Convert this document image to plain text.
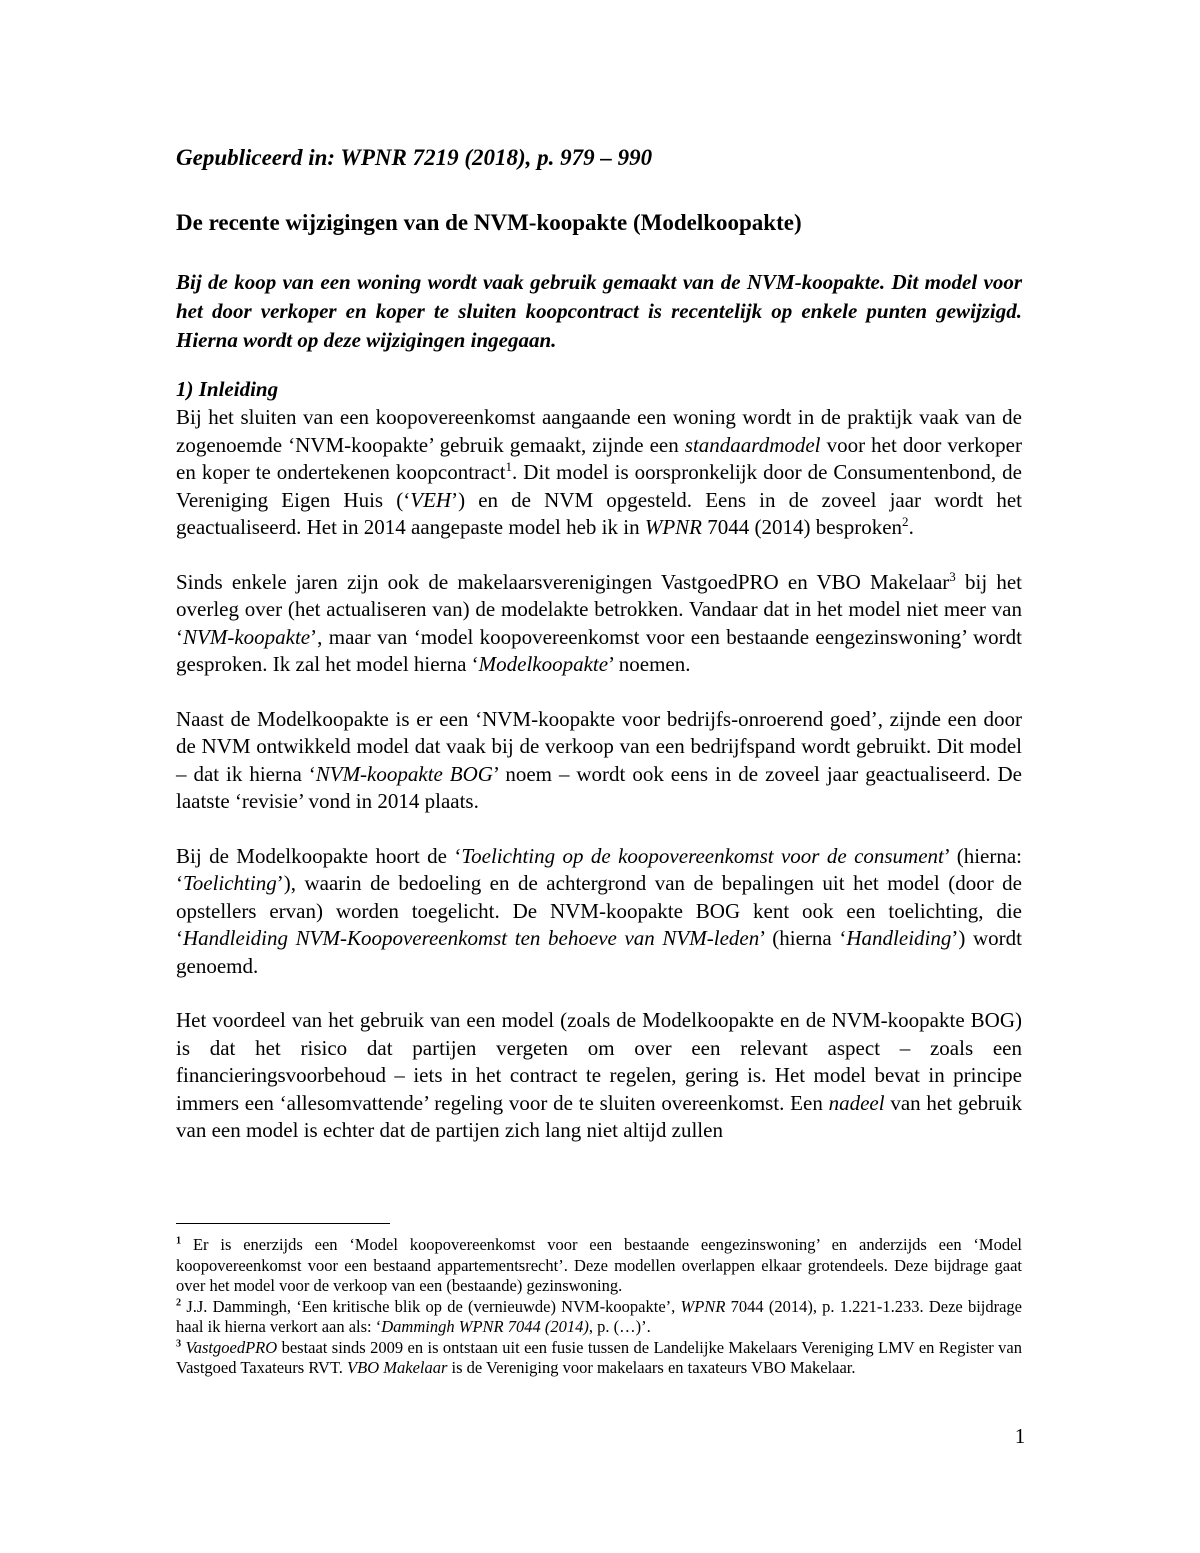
Gepubliceerd in: WPNR 7219 (2018), p. 979 – 990
De recente wijzigingen van de NVM-koopakte (Modelkoopakte)
Bij de koop van een woning wordt vaak gebruik gemaakt van de NVM-koopakte. Dit model voor het door verkoper en koper te sluiten koopcontract is recentelijk op enkele punten gewijzigd. Hierna wordt op deze wijzigingen ingegaan.
1) Inleiding

Bij het sluiten van een koopovereenkomst aangaande een woning wordt in de praktijk vaak van de zogenoemde ‘NVM-koopakte’ gebruik gemaakt, zijnde een standaardmodel voor het door verkoper en koper te ondertekenen koopcontract$^1$. Dit model is oorspronkelijk door de Consumentenbond, de Vereniging Eigen Huis (‘VEH’) en de NVM opgesteld. Eens in de zoveel jaar wordt het geactualiseerd. Het in 2014 aangepaste model heb ik in WPNR 7044 (2014) besproken$^2$.

Sinds enkele jaren zijn ook de makelaarsverenigingen VastgoedPRO en VBO Makelaar$^3$ bij het overleg over (het actualiseren van) de modelakte betrokken. Vandaar dat in het model niet meer van ‘NVM-koopakte’, maar van ‘model koopovereenkomst voor een bestaande eengezinswoning’ wordt gesproken. Ik zal het model hierna ‘Modelkoopakte’ noemen.

Naast de Modelkoopakte is er een ‘NVM-koopakte voor bedrijfs-onroerend goed’, zijnde een door de NVM ontwikkeld model dat vaak bij de verkoop van een bedrijfspand wordt gebruikt. Dit model – dat ik hierna ‘NVM-koopakte BOG’ noem – wordt ook eens in de zoveel jaar geactualiseerd. De laatste ‘revisie’ vond in 2014 plaats.

Bij de Modelkoopakte hoort de ‘Toelichting op de koopovereenkomst voor de consument’ (hierna: ‘Toelichting’), waarin de bedoeling en de achtergrond van de bepalingen uit het model (door de opstellers ervan) worden toegelicht. De NVM-koopakte BOG kent ook een toelichting, die ‘Handleiding NVM-Koopovereenkomst ten behoeve van NVM-leden’ (hierna ‘Handleiding’) wordt genoemd.

Het voordeel van het gebruik van een model (zoals de Modelkoopakte en de NVM-koopakte BOG) is dat het risico dat partijen vergeten om over een relevant aspect – zoals een financieringsvoorbehoud – iets in het contract te regelen, gering is. Het model bevat in principe immers een ‘allesomvattende’ regeling voor de te sluiten overeenkomst. Een nadeel van het gebruik van een model is echter dat de partijen zich lang niet altijd zullen

$^1$ Er is enerzijds een ‘Model koopovereenkomst voor een bestaande eengezinswoning’ en anderzijds een ‘Model koopovereenkomst voor een bestaand appartementsrecht’. Deze modellen overlappen elkaar grotendeels. Deze bijdrage gaat over het model voor de verkoop van een (bestaande) gezinswoning.

$^2$ J.J. Dammingh, ‘Een kritische blik op de (vernieuwde) NVM-koopakte’, WPNR 7044 (2014), p. 1.221-1.233. Deze bijdrage haal ik hierna verkort aan als: ‘Dammingh WPNR 7044 (2014), p. (…)’.

$^3$ VastgoedPRO bestaat sinds 2009 en is ontstaan uit een fusie tussen de Landelijke Makelaars Vereniging LMV en Register van Vastgoed Taxateurs RVT. VBO Makelaar is de Vereniging voor makelaars en taxateurs VBO Makelaar.

1
